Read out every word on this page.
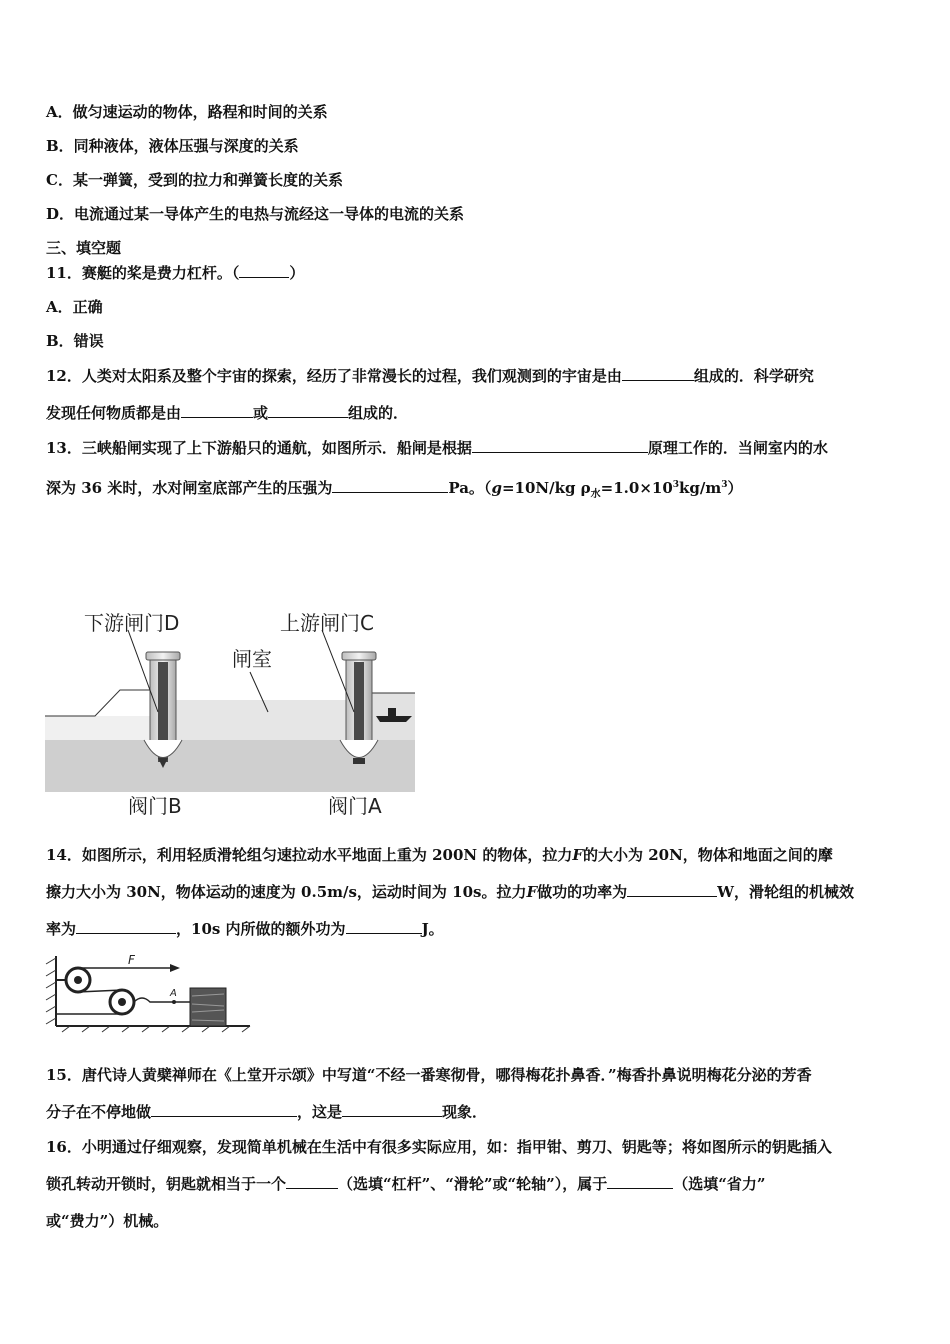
A．做匀速运动的物体，路程和时间的关系
B．同种液体，液体压强与深度的关系
C．某一弹簧，受到的拉力和弹簧长度的关系
D．电流通过某一导体产生的电热与流经这一导体的电流的关系
三、填空题
11．赛艇的桨是费力杠杆。（	）
A．正确
B．错误
12．人类对太阳系及整个宇宙的探索，经历了非常漫长的过程，我们观测到的宇宙是由	组成的．科学研究
发现任何物质都是由	或	组成的．
13．三峡船闸实现了上下游船只的通航，如图所示．船闸是根据	原理工作的．当闸室内的水
深为 36 米时，水对闸室底部产生的压强为	Pa。（g=10N/kg $\rho_水=1.0\times 10^3kg/m^3$）
下游闸门D	上游闸门C
闸室
阀门B	阀门A
14．如图所示，利用轻质滑轮组匀速拉动水平地面上重为 200N 的物体，拉力F的大小为 20N，物体和地面之间的摩
擦力大小为 30N，物体运动的速度为 0.5m/s，运动时间为 10s。拉力F做功的功率为	W，滑轮组的机械效
率为	，10s 内所做的额外功为	J。
F
A
15．唐代诗人黄檗禅师在《上堂开示颂》中写道“不经一番寒彻骨，哪得梅花扑鼻香．”梅香扑鼻说明梅花分泌的芳香
分子在不停地做	，这是	现象．
16．小明通过仔细观察，发现简单机械在生活中有很多实际应用，如：指甲钳、剪刀、钥匙等；将如图所示的钥匙插入
锁孔转动开锁时，钥匙就相当于一个	（选填“杠杆”、“滑轮”或“轮轴”），属于	（选填“省力”
或“费力”）机械。
